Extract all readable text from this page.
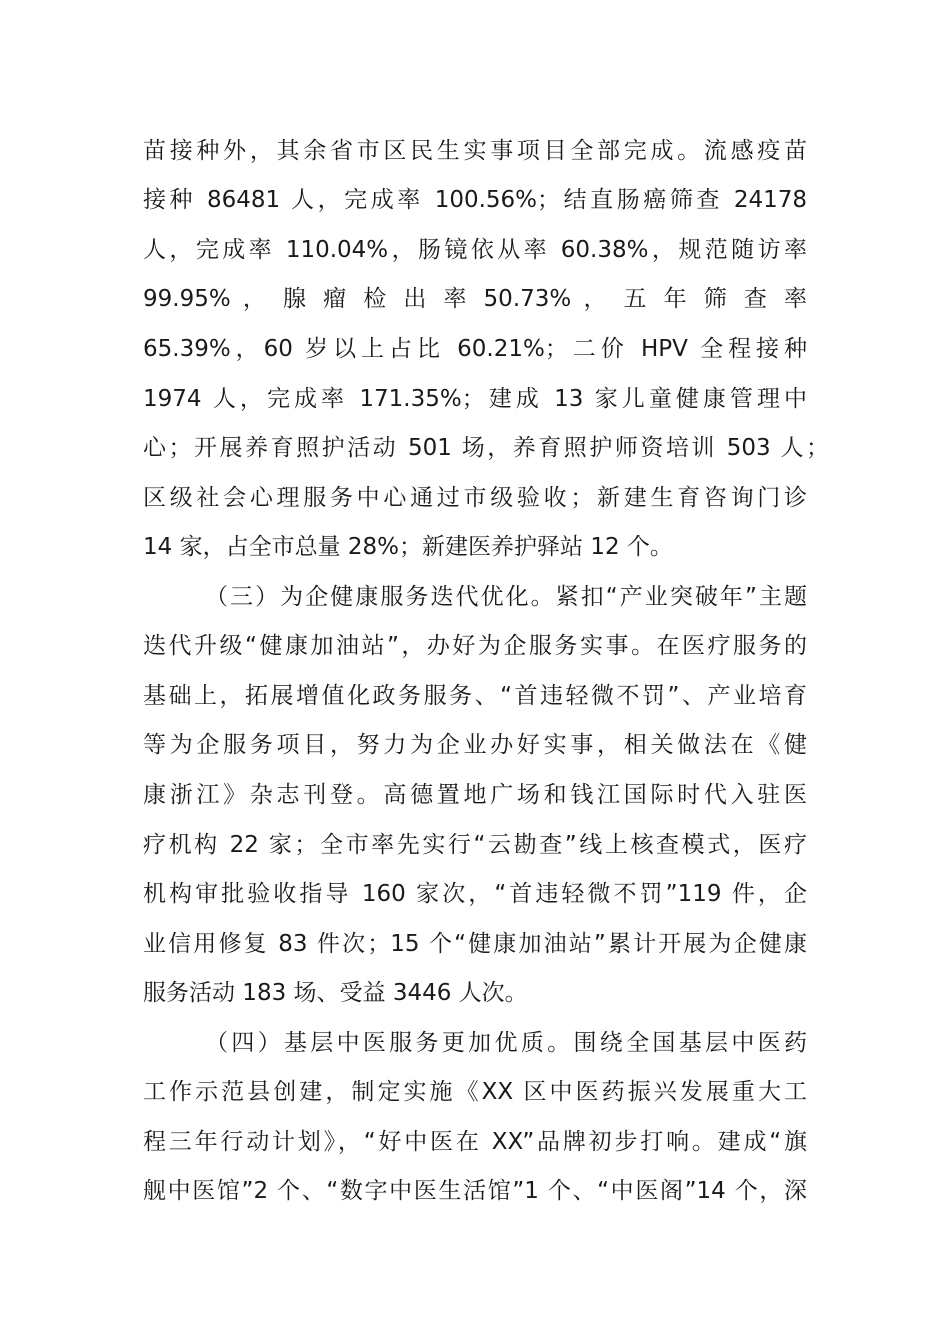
苗接种外，其余省市区民生实事项目全部完成。流感疫苗
接种 86481 人，完成率 100.56%；结直肠癌筛查 24178
人，完成率 110.04%，肠镜依从率 60.38%，规范随访率
99.95% ， 腺 瘤 检 出 率 50.73% ， 五 年 筛 查 率
65.39%，60 岁以上占比 60.21%；二价 HPV 全程接种
1974 人，完成率 171.35%；建成 13 家儿童健康管理中
心；开展养育照护活动 501 场，养育照护师资培训 503 人；
区级社会心理服务中心通过市级验收；新建生育咨询门诊
14 家，占全市总量 28%；新建医养护驿站 12 个。
（三）为企健康服务迭代优化。紧扣“产业突破年”主题
迭代升级“健康加油站”，办好为企服务实事。在医疗服务的
基础上，拓展增值化政务服务、“首违轻微不罚”、产业培育
等为企服务项目，努力为企业办好实事，相关做法在《健
康浙江》杂志刊登。高德置地广场和钱江国际时代入驻医
疗机构 22 家；全市率先实行“云勘查”线上核查模式，医疗
机构审批验收指导 160 家次，“首违轻微不罚”119 件，企
业信用修复 83 件次；15 个“健康加油站”累计开展为企健康
服务活动 183 场、受益 3446 人次。
（四）基层中医服务更加优质。围绕全国基层中医药
工作示范县创建，制定实施《XX 区中医药振兴发展重大工
程三年行动计划》，“好中医在 XX”品牌初步打响。建成“旗
舰中医馆”2 个、“数字中医生活馆”1 个、“中医阁”14 个，深
